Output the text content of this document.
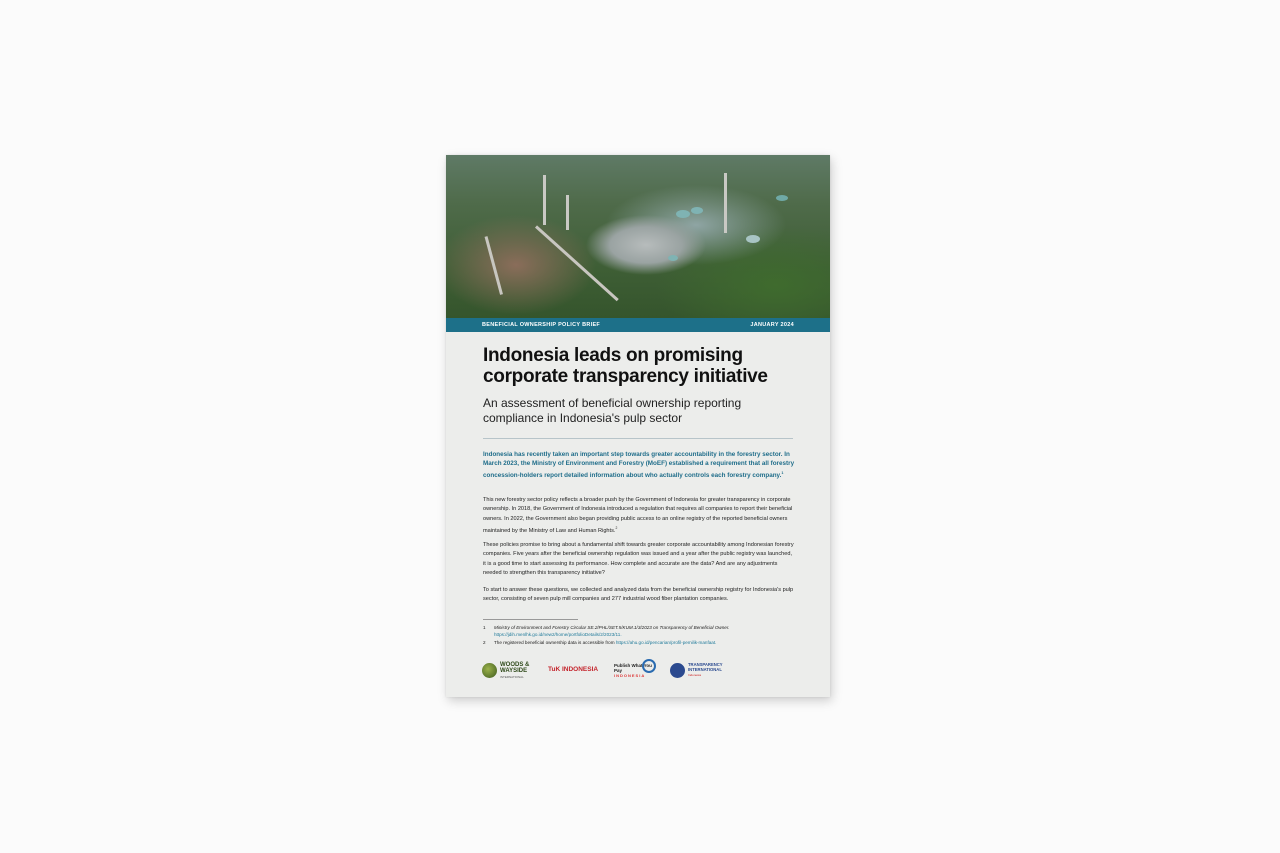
BENEFICIAL OWNERSHIP POLICY BRIEF	JANUARY 2024
Indonesia leads on promising corporate transparency initiative
An assessment of beneficial ownership reporting compliance in Indonesia's pulp sector
Indonesia has recently taken an important step towards greater accountability in the forestry sector. In March 2023, the Ministry of Environment and Forestry (MoEF) established a requirement that all forestry concession-holders report detailed information about who actually controls each forestry company.$^1$
This new forestry sector policy reflects a broader push by the Government of Indonesia for greater transparency in corporate ownership. In 2018, the Government of Indonesia introduced a regulation that requires all companies to report their beneficial owners. In 2022, the Government also began providing public access to an online registry of the reported beneficial owners maintained by the Ministry of Law and Human Rights.$^2$
These policies promise to bring about a fundamental shift towards greater corporate accountability among Indonesian forestry companies. Five years after the beneficial ownership regulation was issued and a year after the public registry was launched, it is a good time to start assessing its performance. How complete and accurate are the data? And are any adjustments needed to strengthen this transparency initiative?
To start to answer these questions, we collected and analyzed data from the beneficial ownership registry for Indonesia's pulp sector, consisting of seven pulp mill companies and 277 industrial wood fiber plantation companies.
1 Ministry of Environment and Forestry Circular SE.2/PHL/SET.5/KUM.1/3/2023 on Transparency of Beneficial Owner.
https://jdih.menlhk.go.id/new2/home/portfolioDetails/2/2023/11.
2 The registered beneficial ownership data is accessible from https://ahu.go.id/pencarian/profil-pemilik-manfaat.
WOODS & WAYSIDE
INTERNATIONAL
TuK INDONESIA
Publish What You Pay
INDONESIA
TRANSPARENCY INTERNATIONAL
Indonesia
